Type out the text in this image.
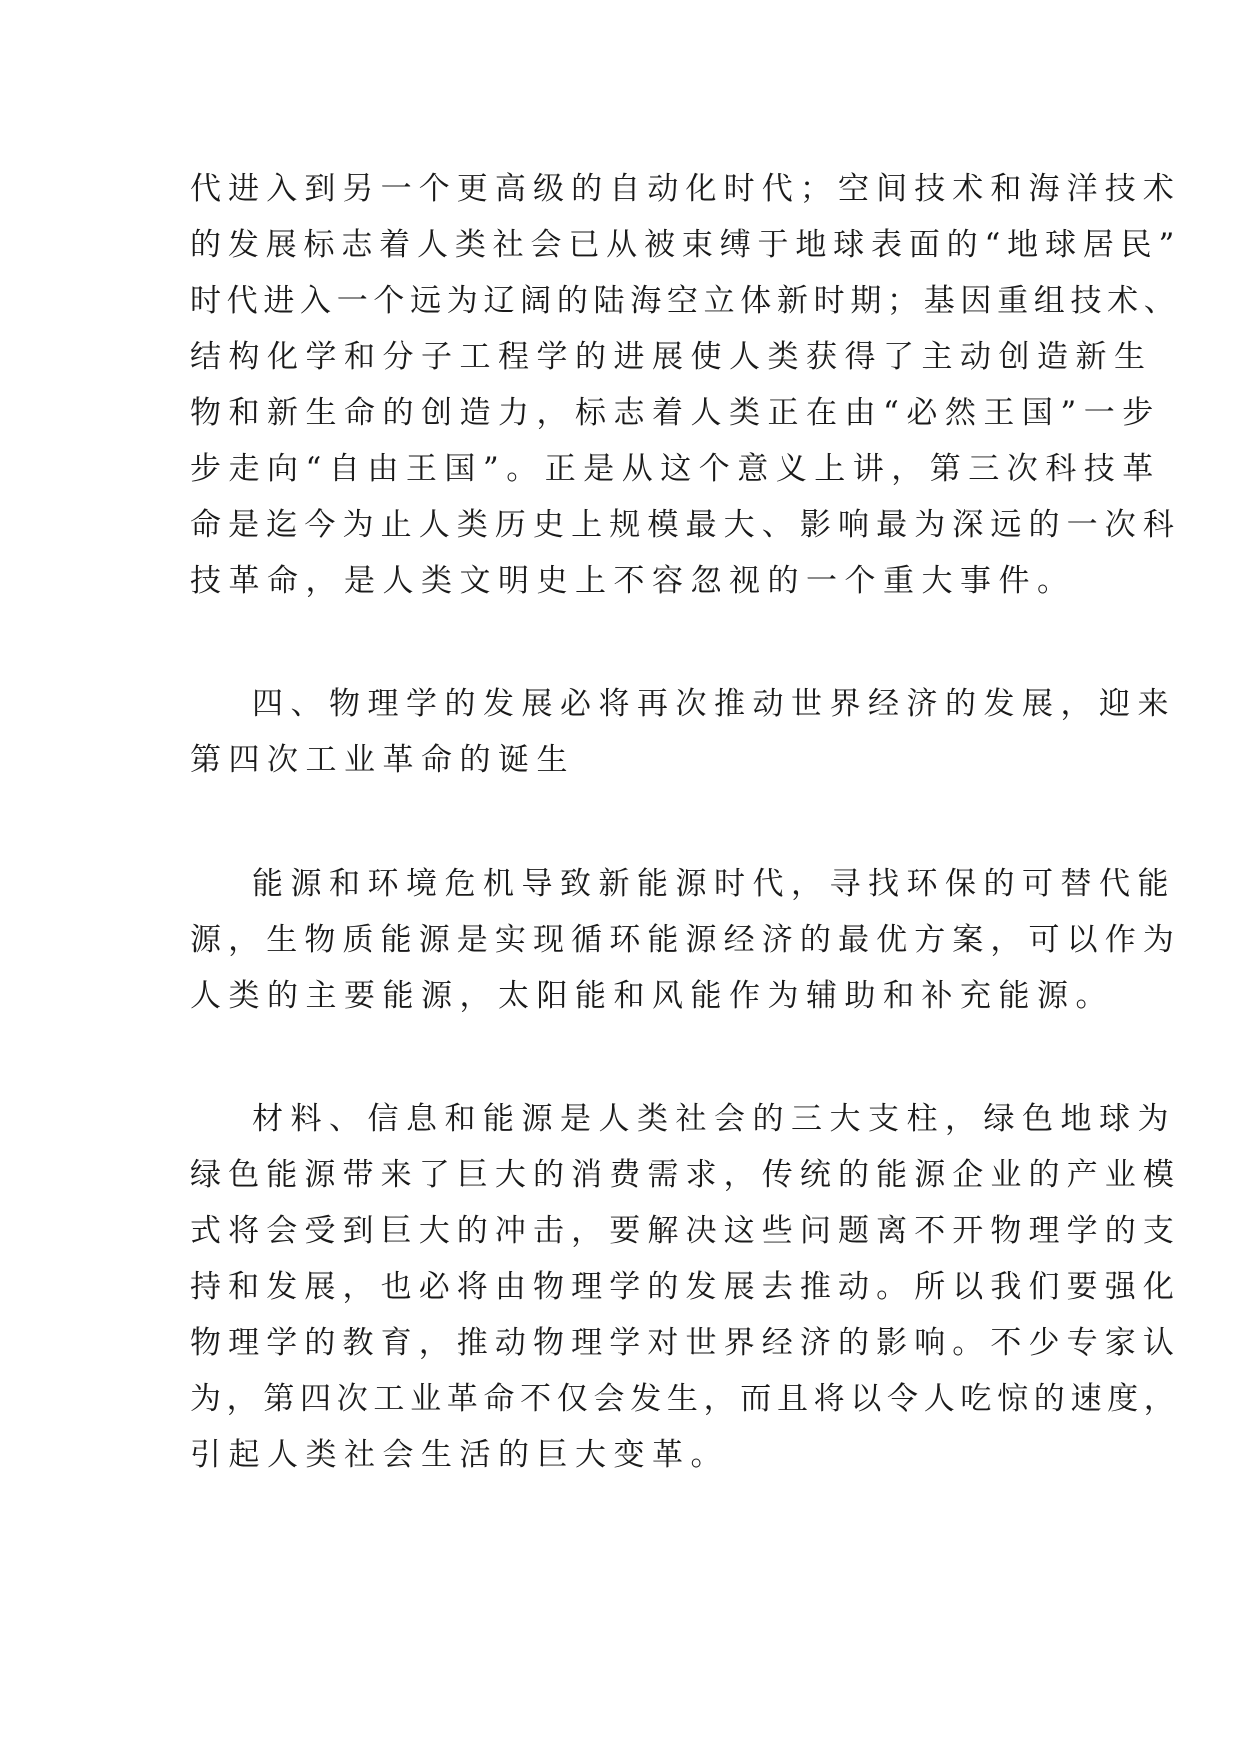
代进入到另一个更高级的自动化时代；空间技术和海洋技术
的发展标志着人类社会已从被束缚于地球表面的“地球居民”
时代进入一个远为辽阔的陆海空立体新时期；基因重组技术、
结构化学和分子工程学的进展使人类获得了主动创造新生
物和新生命的创造力，标志着人类正在由“必然王国”一步
步走向“自由王国”。正是从这个意义上讲，第三次科技革
命是迄今为止人类历史上规模最大、影响最为深远的一次科
技革命，是人类文明史上不容忽视的一个重大事件。
四、物理学的发展必将再次推动世界经济的发展，迎来
第四次工业革命的诞生
能源和环境危机导致新能源时代，寻找环保的可替代能
源，生物质能源是实现循环能源经济的最优方案，可以作为
人类的主要能源，太阳能和风能作为辅助和补充能源。
材料、信息和能源是人类社会的三大支柱，绿色地球为
绿色能源带来了巨大的消费需求，传统的能源企业的产业模
式将会受到巨大的冲击，要解决这些问题离不开物理学的支
持和发展，也必将由物理学的发展去推动。所以我们要强化
物理学的教育，推动物理学对世界经济的影响。不少专家认
为，第四次工业革命不仅会发生，而且将以令人吃惊的速度，
引起人类社会生活的巨大变革。
